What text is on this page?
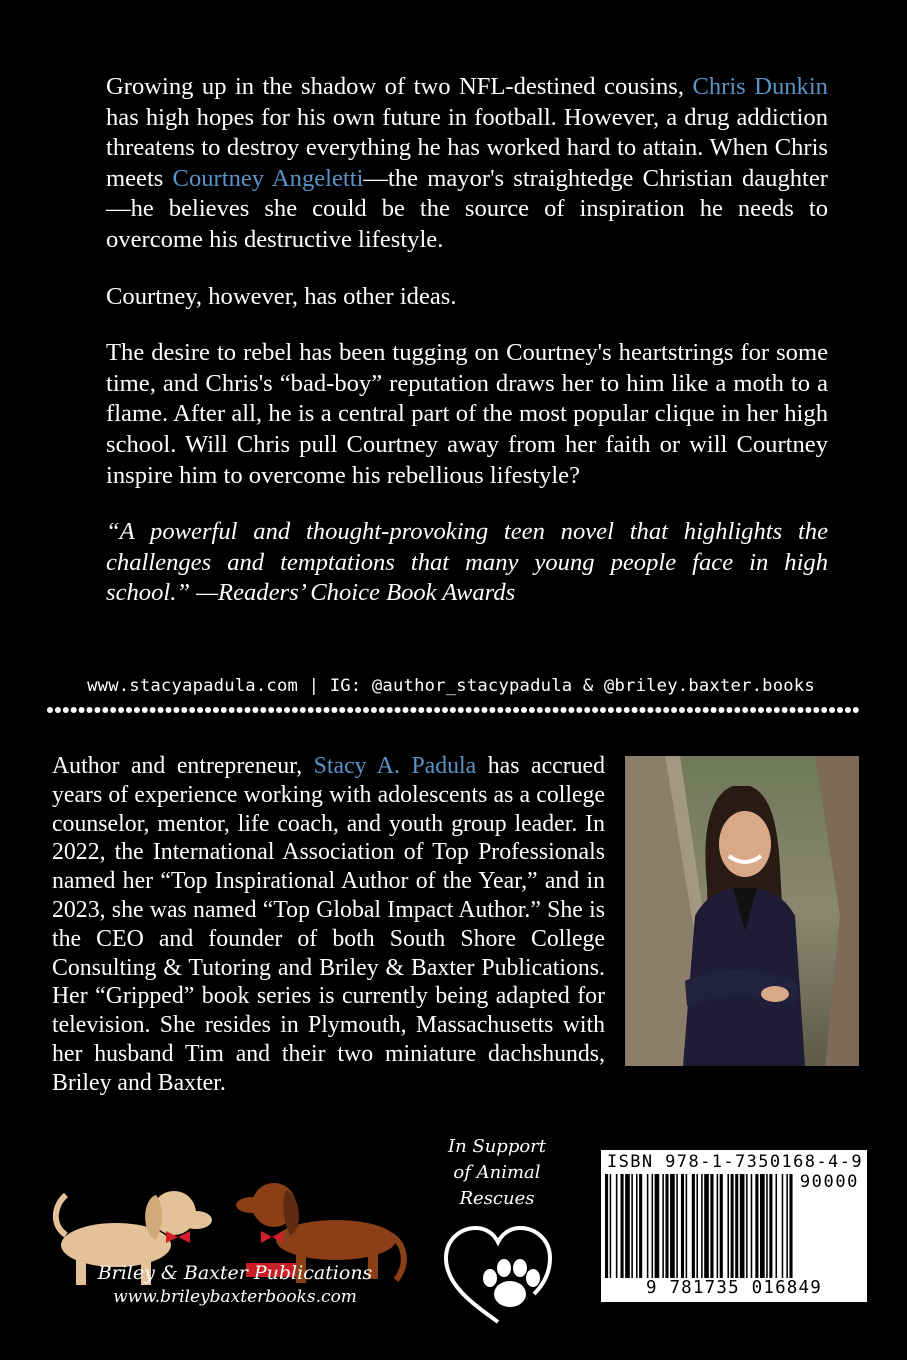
Growing up in the shadow of two NFL-destined cousins, Chris Dunkin has high hopes for his own future in football. However, a drug addiction threatens to destroy everything he has worked hard to attain. When Chris meets Courtney Angeletti—the mayor's straightedge Christian daughter—he believes she could be the source of inspiration he needs to overcome his destructive lifestyle.

Courtney, however, has other ideas.

The desire to rebel has been tugging on Courtney's heartstrings for some time, and Chris's “bad-boy” reputation draws her to him like a moth to a flame. After all, he is a central part of the most popular clique in her high school. Will Chris pull Courtney away from her faith or will Courtney inspire him to overcome his rebellious lifestyle?

“A powerful and thought-provoking teen novel that highlights the challenges and temptations that many young people face in high school.” —Readers’ Choice Book Awards

www.stacyapadula.com | IG: @author_stacypadula & @briley.baxter.books
Author and entrepreneur, Stacy A. Padula has accrued years of experience working with adolescents as a college counselor, mentor, life coach, and youth group leader. In 2022, the International Association of Top Professionals named her “Top Inspirational Author of the Year,” and in 2023, she was named “Top Global Impact Author.” She is the CEO and founder of both South Shore College Consulting & Tutoring and Briley & Baxter Publications. Her “Gripped” book series is currently being adapted for television. She resides in Plymouth, Massachusetts with her husband Tim and their two miniature dachshunds, Briley and Baxter.
Briley & Baxter Publications
www.brileybaxterbooks.com
In Support
of Animal
Rescues
ISBN 978-1-7350168-4-9
90000
9 781735 016849
